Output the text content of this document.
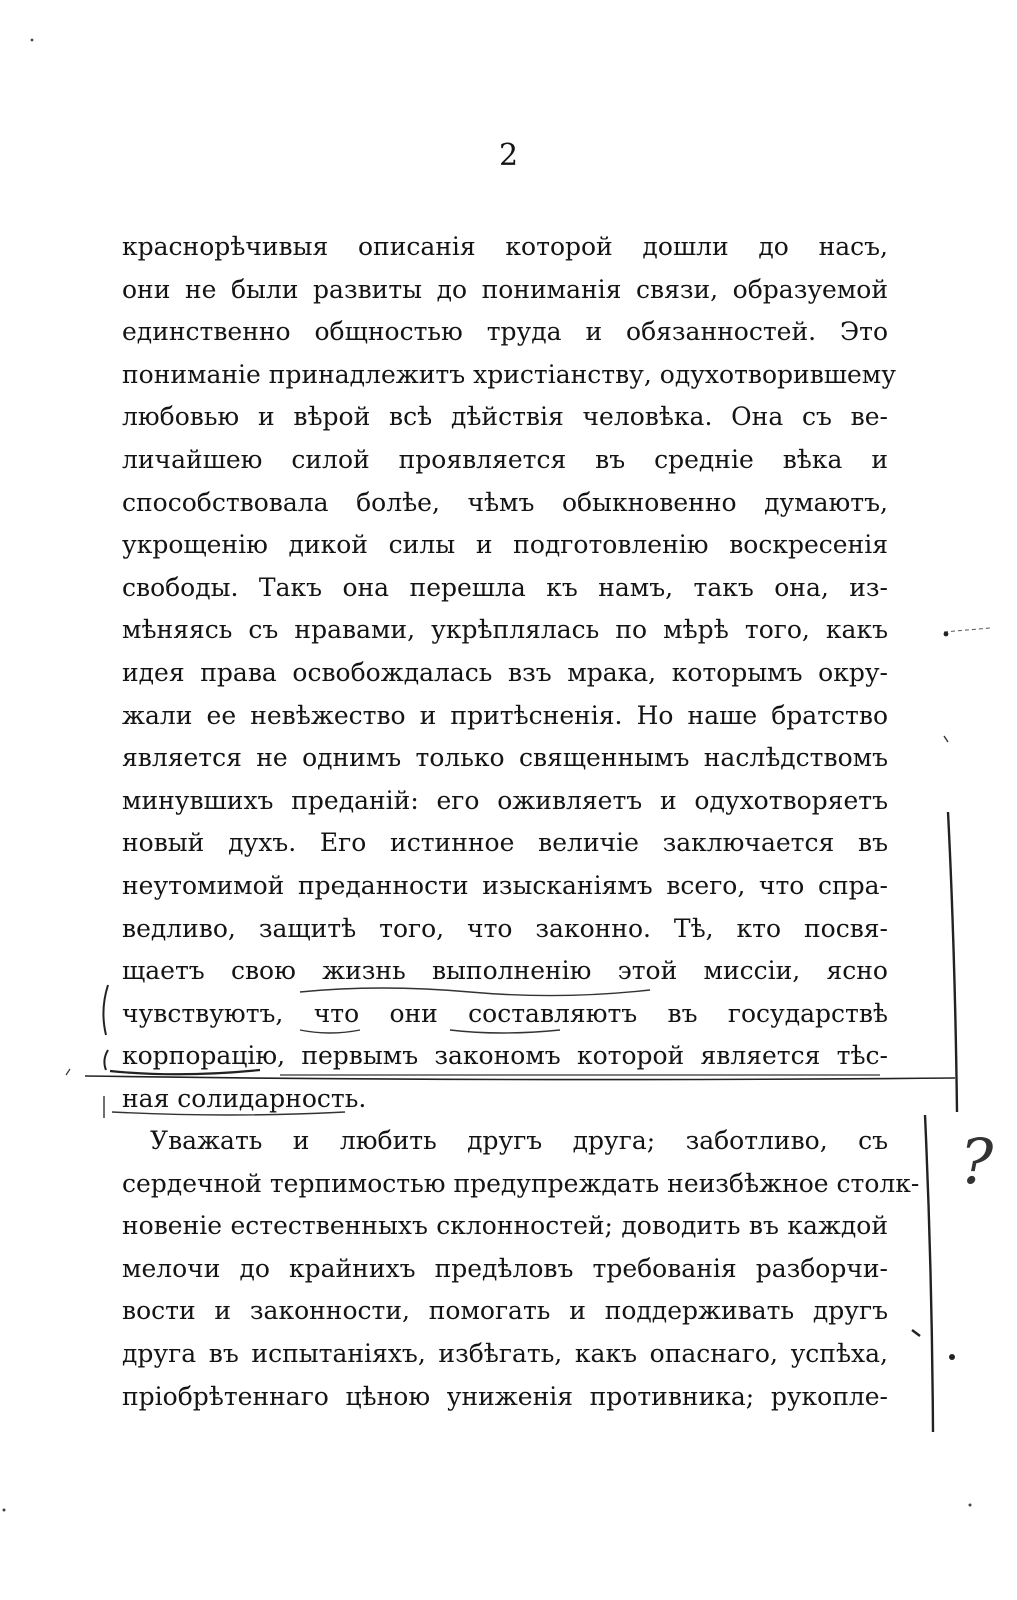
2
краснорѣчивыя описанія которой дошли до насъ,
они не были развиты до пониманія связи, образуемой
единственно общностью труда и обязанностей. Это
пониманіе принадлежитъ христіанству, одухотворившему
любовью и вѣрой всѣ дѣйствія человѣка. Она съ ве-
личайшею силой проявляется въ средніе вѣка и
способствовала болѣе, чѣмъ обыкновенно думаютъ,
укрощенію дикой силы и подготовленію воскресенія
свободы. Такъ она перешла къ намъ, такъ она, из-
мѣняясь съ нравами, укрѣплялась по мѣрѣ того, какъ
идея права освобождалась взъ мрака, которымъ окру-
жали ее невѣжество и притѣсненія. Но наше братство
является не однимъ только священнымъ наслѣдствомъ
минувшихъ преданій: его оживляетъ и одухотворяетъ
новый духъ. Его истинное величіе заключается въ
неутомимой преданности изысканіямъ всего, что спра-
ведливо, защитѣ того, что законно. Тѣ, кто посвя-
щаетъ свою жизнь выполненію этой миссіи, ясно
чувствуютъ, что они составляютъ въ государствѣ
корпорацію, первымъ закономъ которой является тѣс-
ная солидарность.
Уважать и любить другъ друга; заботливо, съ
сердечной терпимостью предупреждать неизбѣжное столк-
новеніе естественныхъ склонностей; доводить въ каждой
мелочи до крайнихъ предѣловъ требованія разборчи-
вости и законности, помогать и поддерживать другъ
друга въ испытаніяхъ, избѣгать, какъ опаснаго, успѣха,
пріобрѣтеннаго цѣною униженія противника; рукопле-
?
